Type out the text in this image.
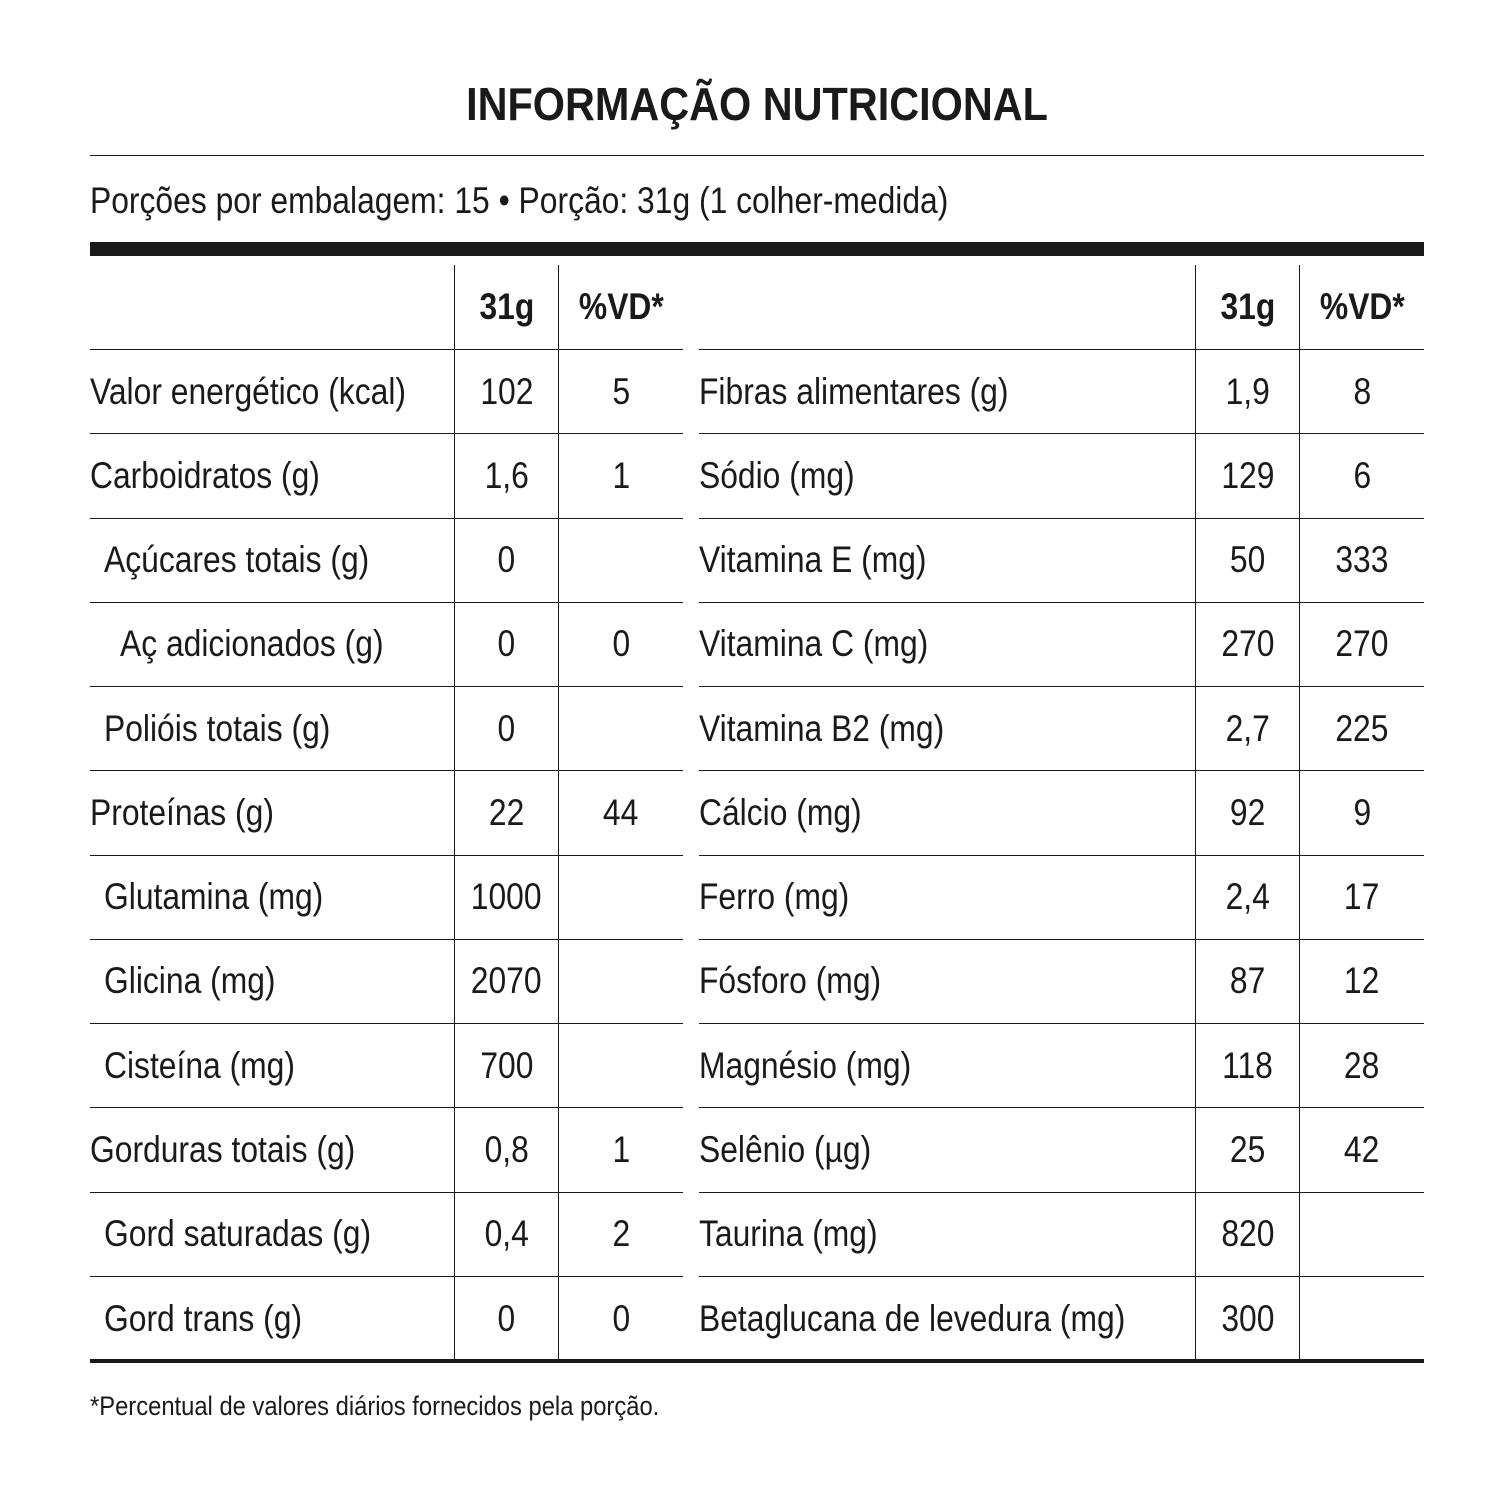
INFORMAÇÃO NUTRICIONAL
Porções por embalagem: 15 • Porção: 31g (1 colher-medida)
31g %VD*
Valor energético (kcal) 102 5
Carboidratos (g)	1,6 1
Açúcares totais (g)	0
Aç adicionados (g)	0	0
Polióis totais (g)	0
Proteínas (g)	22 44
Glutamina (mg)	1000
Glicina (mg)	2070
Cisteína (mg)	700
Gorduras totais (g)	0,8 1
Gord saturadas (g)	0,4 2
Gord trans (g)	0	0
31g %VD*
Fibras alimentares (g)	1,9 8
Sódio (mg)	129 6
Vitamina E (mg)	50 333
Vitamina C (mg)	270 270
Vitamina B2 (mg)	2,7 225
Cálcio (mg)	92 9
Ferro (mg)	2,4 17
Fósforo (mg)	87 12
Magnésio (mg)	118 28
Selênio (µg)	25 42
Taurina (mg)	820
Betaglucana de levedura (mg)	300
*Percentual de valores diários fornecidos pela porção.
